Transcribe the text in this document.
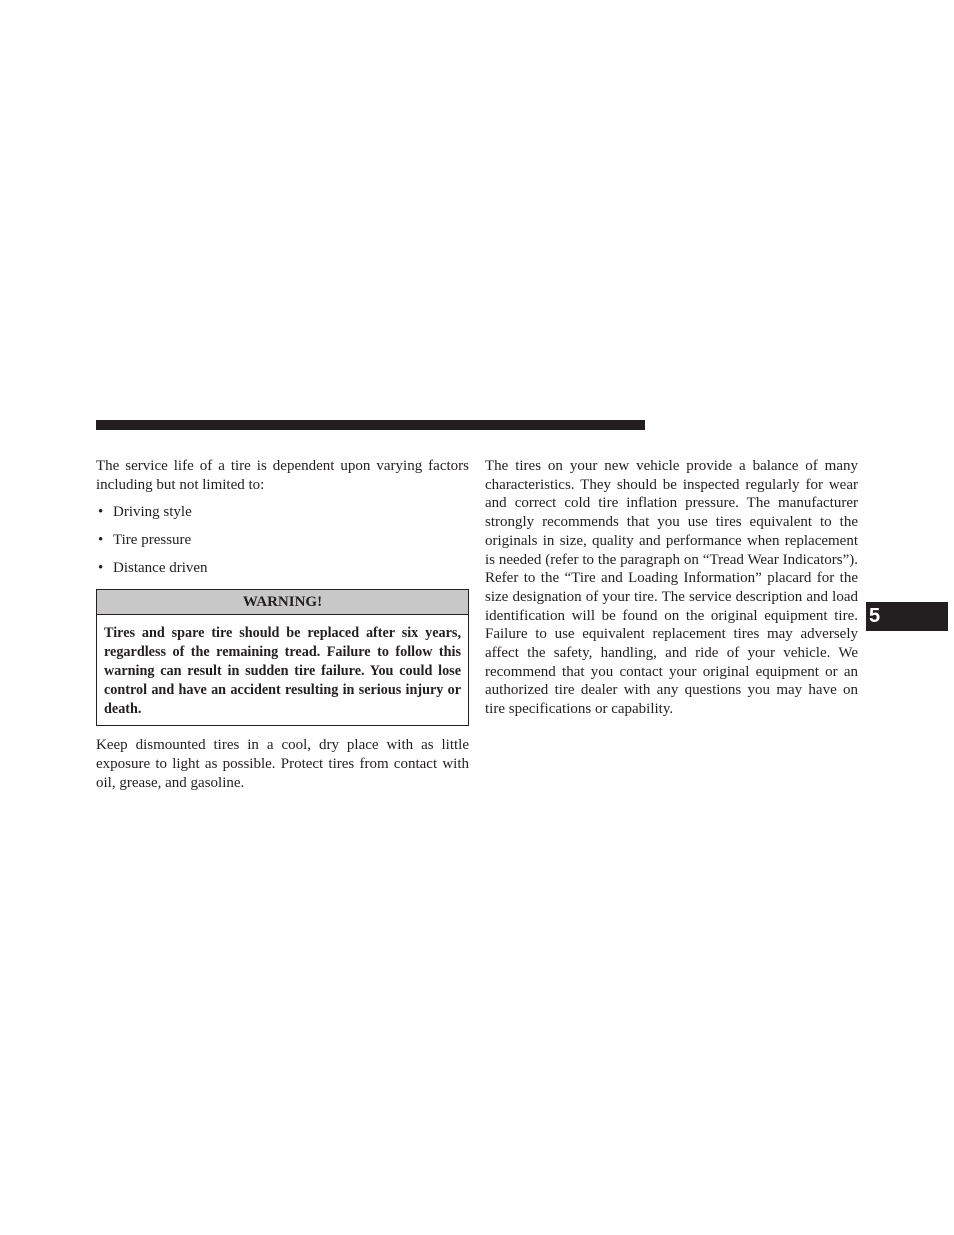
The service life of a tire is dependent upon varying factors including but not limited to:

• Driving style
• Tire pressure
• Distance driven
WARNING!
Tires and spare tire should be replaced after six years, regardless of the remaining tread. Failure to follow this warning can result in sudden tire failure. You could lose control and have an accident resulting in serious injury or death.

Keep dismounted tires in a cool, dry place with as little exposure to light as possible. Protect tires from contact with oil, grease, and gasoline.

The tires on your new vehicle provide a balance of many characteristics. They should be inspected regularly for wear and correct cold tire inflation pressure. The manufacturer strongly recommends that you use tires equivalent to the originals in size, quality and performance when replacement is needed (refer to the paragraph on “Tread Wear Indicators”). Refer to the “Tire and Loading Information” placard for the size designation of your tire. The service description and load identification will be found on the original equipment tire. Failure to use equivalent replacement tires may adversely affect the safety, handling, and ride of your vehicle. We recommend that you contact your original equipment or an authorized tire dealer with any questions you may have on tire specifications or capability.

5
